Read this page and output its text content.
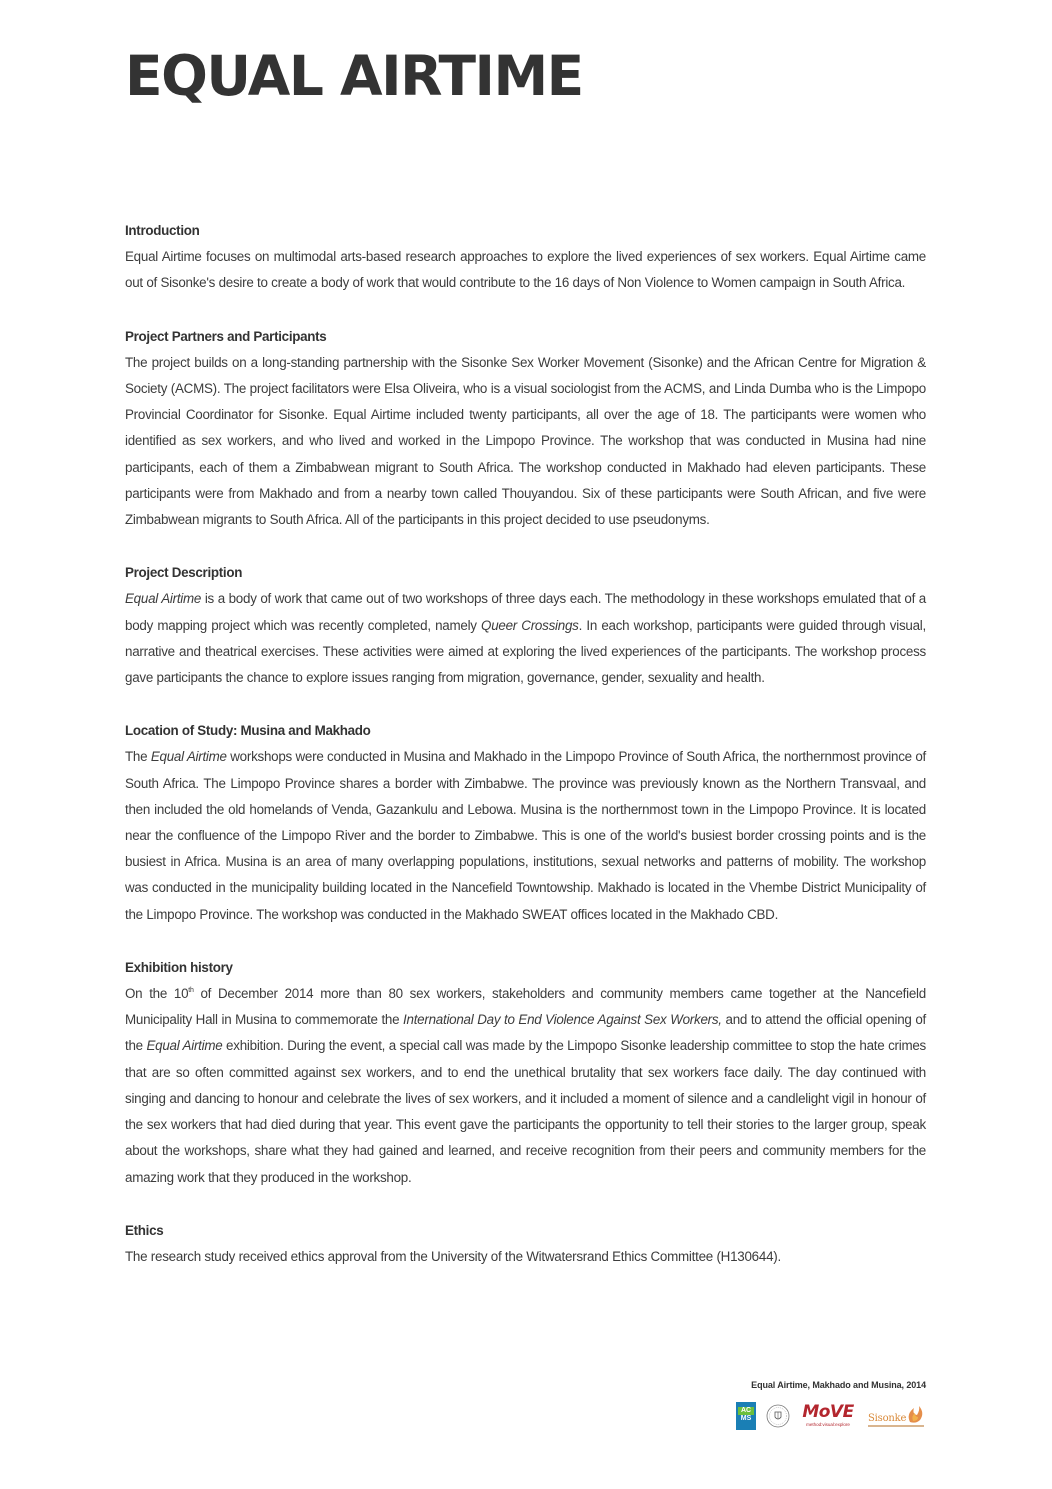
EQUAL AIRTIME
Introduction

Equal Airtime focuses on multimodal arts-based research approaches to explore the lived experiences of sex workers. Equal Airtime came out of Sisonke's desire to create a body of work that would contribute to the 16 days of Non Violence to Women campaign in South Africa.

Project Partners and Participants

The project builds on a long-standing partnership with the Sisonke Sex Worker Movement (Sisonke) and the African Centre for Migration & Society (ACMS). The project facilitators were Elsa Oliveira, who is a visual sociologist from the ACMS, and Linda Dumba who is the Limpopo Provincial Coordinator for Sisonke. Equal Airtime included twenty participants, all over the age of 18. The participants were women who identified as sex workers, and who lived and worked in the Limpopo Province. The workshop that was conducted in Musina had nine participants, each of them a Zimbabwean migrant to South Africa. The workshop conducted in Makhado had eleven participants. These participants were from Makhado and from a nearby town called Thouyandou. Six of these participants were South African, and five were Zimbabwean migrants to South Africa. All of the participants in this project decided to use pseudonyms.

Project Description

Equal Airtime is a body of work that came out of two workshops of three days each. The methodology in these workshops emulated that of a body mapping project which was recently completed, namely Queer Crossings. In each workshop, participants were guided through visual, narrative and theatrical exercises. These activities were aimed at exploring the lived experiences of the participants. The workshop process gave participants the chance to explore issues ranging from migration, governance, gender, sexuality and health.

Location of Study: Musina and Makhado

The Equal Airtime workshops were conducted in Musina and Makhado in the Limpopo Province of South Africa, the northernmost province of South Africa. The Limpopo Province shares a border with Zimbabwe. The province was previously known as the Northern Transvaal, and then included the old homelands of Venda, Gazankulu and Lebowa. Musina is the northernmost town in the Limpopo Province. It is located near the confluence of the Limpopo River and the border to Zimbabwe. This is one of the world's busiest border crossing points and is the busiest in Africa. Musina is an area of many overlapping populations, institutions, sexual networks and patterns of mobility. The workshop was conducted in the municipality building located in the Nancefield Towntowship. Makhado is located in the Vhembe District Municipality of the Limpopo Province. The workshop was conducted in the Makhado SWEAT offices located in the Makhado CBD.

Exhibition history

On the 10th of December 2014 more than 80 sex workers, stakeholders and community members came together at the Nancefield Municipality Hall in Musina to commemorate the International Day to End Violence Against Sex Workers, and to attend the official opening of the Equal Airtime exhibition. During the event, a special call was made by the Limpopo Sisonke leadership committee to stop the hate crimes that are so often committed against sex workers, and to end the unethical brutality that sex workers face daily. The day continued with singing and dancing to honour and celebrate the lives of sex workers, and it included a moment of silence and a candlelight vigil in honour of the sex workers that had died during that year. This event gave the participants the opportunity to tell their stories to the larger group, speak about the workshops, share what they had gained and learned, and receive recognition from their peers and community members for the amazing work that they produced in the workshop.

Ethics

The research study received ethics approval from the University of the Witwatersrand Ethics Committee (H130644).

Equal Airtime, Makhado and Musina, 2014
AC
MS	MoVE
method:visual:explore
Sisonke
